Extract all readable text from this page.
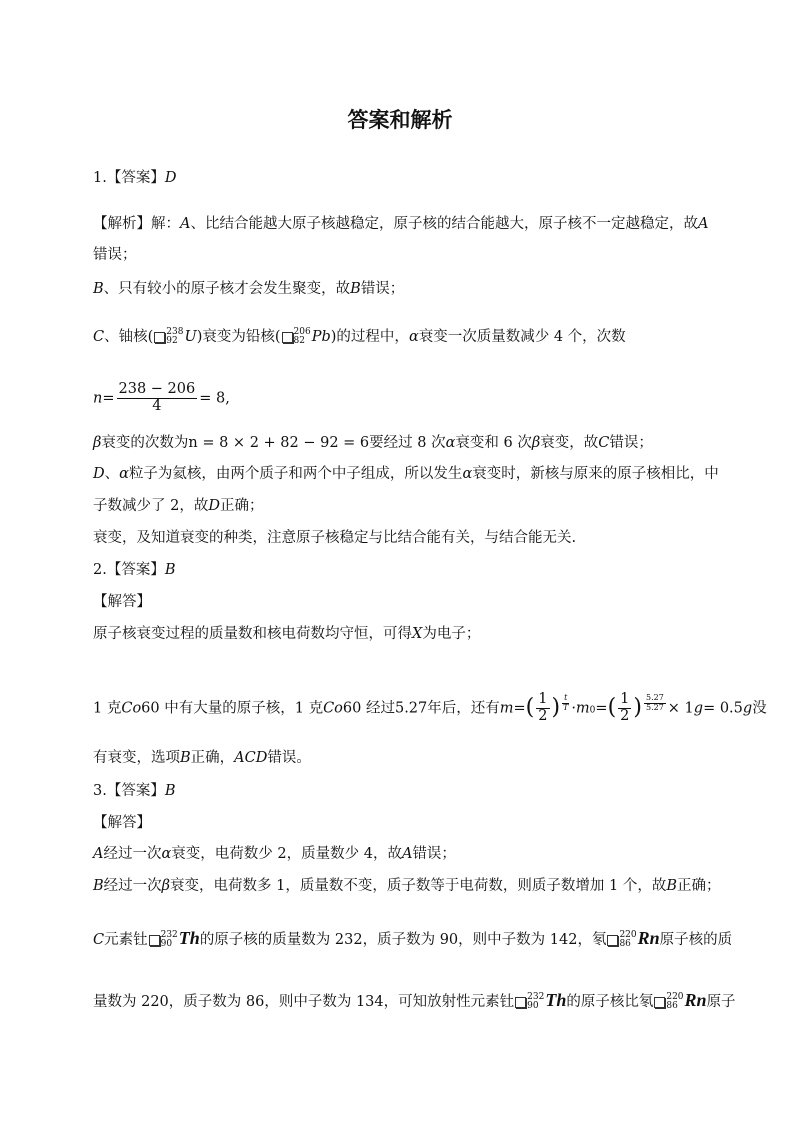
答案和解析
1.【答案】D
【解析】解：A、比结合能越大原子核越稳定，原子核的结合能越大，原子核不一定越稳定，故A
错误；
B、只有较小的原子核才会发生聚变，故B错误；
C、铀核( 238
92 U)衰变为铅核( 206
82 Pb)的过程中，α衰变一次质量数减少 4 个，次数
$n= \frac{238 - 206}{4} = 8$,
β衰变的次数为n = 8 × 2 + 82 − 92 = 6要经过 8 次α衰变和 6 次β衰变，故C错误；
D、α粒子为氦核，由两个质子和两个中子组成，所以发生α衰变时，新核与原来的原子核相比，中
子数减少了 2，故D正确；
衰变，及知道衰变的种类，注意原子核稳定与比结合能有关，与结合能无关.
2.【答案】B
【解答】
原子核衰变过程的质量数和核电荷数均守恒，可得X为电子；
1 克Co60 中有大量的原子核，1 克Co60 经过5.27年后，还有$m=( \frac{1}{2}$ ) $\frac{t}{T} \cdot m0=( \frac{1}{2}$ ) $\frac{5.27}{5.27} \times 1g= 0.5g$没
有衰变，选项B正确，ACD错误。
3.【答案】B
【解答】
A经过一次α衰变，电荷数少 2，质量数少 4，故A错误；
B经过一次β衰变，电荷数多 1，质量数不变，质子数等于电荷数，则质子数增加 1 个，故B正确；
C元素钍 232
90 Th的原子核的质量数为 232，质子数为 90，则中子数为 142，氡 220
86 Rn原子核的质
量数为 220，质子数为 86，则中子数为 134，可知放射性元素钍 232
90 Th的原子核比氡 220
86 Rn原子
